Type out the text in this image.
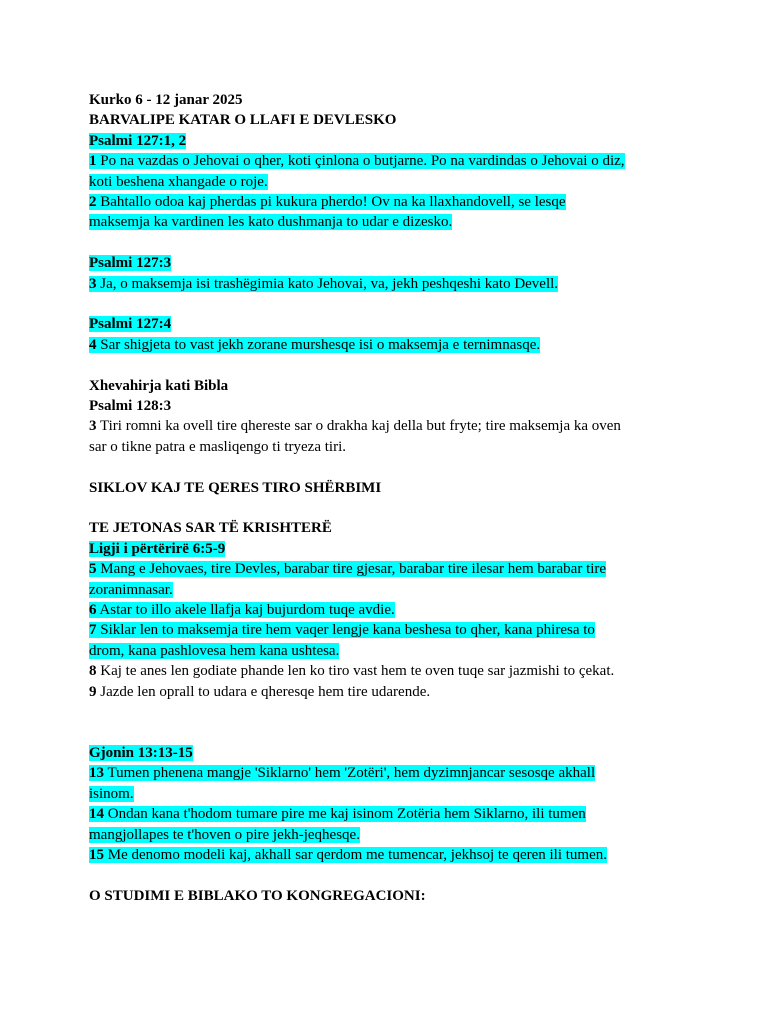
Kurko 6 - 12 janar 2025
BARVALIPE KATAR O LLAFI E DEVLESKO
Psalmi 127:1, 2
1 Po na vazdas o Jehovai o qher, koti çinlona o butjarne. Po na vardindas o Jehovai o diz,
koti beshena xhangade o roje.
2 Bahtallo odoa kaj pherdas pi kukura pherdo! Ov na ka llaxhandovell, se lesqe
maksemja ka vardinen les kato dushmanja to udar e dizesko.
Psalmi 127:3
3 Ja, o maksemja isi trashëgimia kato Jehovai, va, jekh peshqeshi kato Devell.
Psalmi 127:4
4 Sar shigjeta to vast jekh zorane murshesqe isi o maksemja e ternimnasqe.
Xhevahirja kati Bibla
Psalmi 128:3
3 Tiri romni ka ovell tire qhereste sar o drakha kaj della but fryte; tire maksemja ka oven
sar o tikne patra e masliqengo ti tryeza tiri.
SIKLOV KAJ TE QERES TIRO SHËRBIMI
TE JETONAS SAR TË KRISHTERË
Ligji i përtërirë 6:5-9
5 Mang e Jehovaes, tire Devles, barabar tire gjesar, barabar tire ilesar hem barabar tire
zoranimnasar.
6 Astar to illo akele llafja kaj bujurdom tuqe avdie.
7 Siklar len to maksemja tire hem vaqer lengje kana beshesa to qher, kana phiresa to
drom, kana pashlovesa hem kana ushtesa.
8 Kaj te anes len godiate phande len ko tiro vast hem te oven tuqe sar jazmishi to çekat.
9 Jazde len oprall to udara e qheresqe hem tire udarende.
Gjonin 13:13-15
13 Tumen phenena mangje 'Siklarno' hem 'Zotëri', hem dyzimnjancar sesosqe akhall
isinom.
14 Ondan kana t'hodom tumare pire me kaj isinom Zotëria hem Siklarno, ili tumen
mangjollapes te t'hoven o pire jekh-jeqhesqe.
15 Me denomo modeli kaj, akhall sar qerdom me tumencar, jekhsoj te qeren ili tumen.
O STUDIMI E BIBLAKO TO KONGREGACIONI:
